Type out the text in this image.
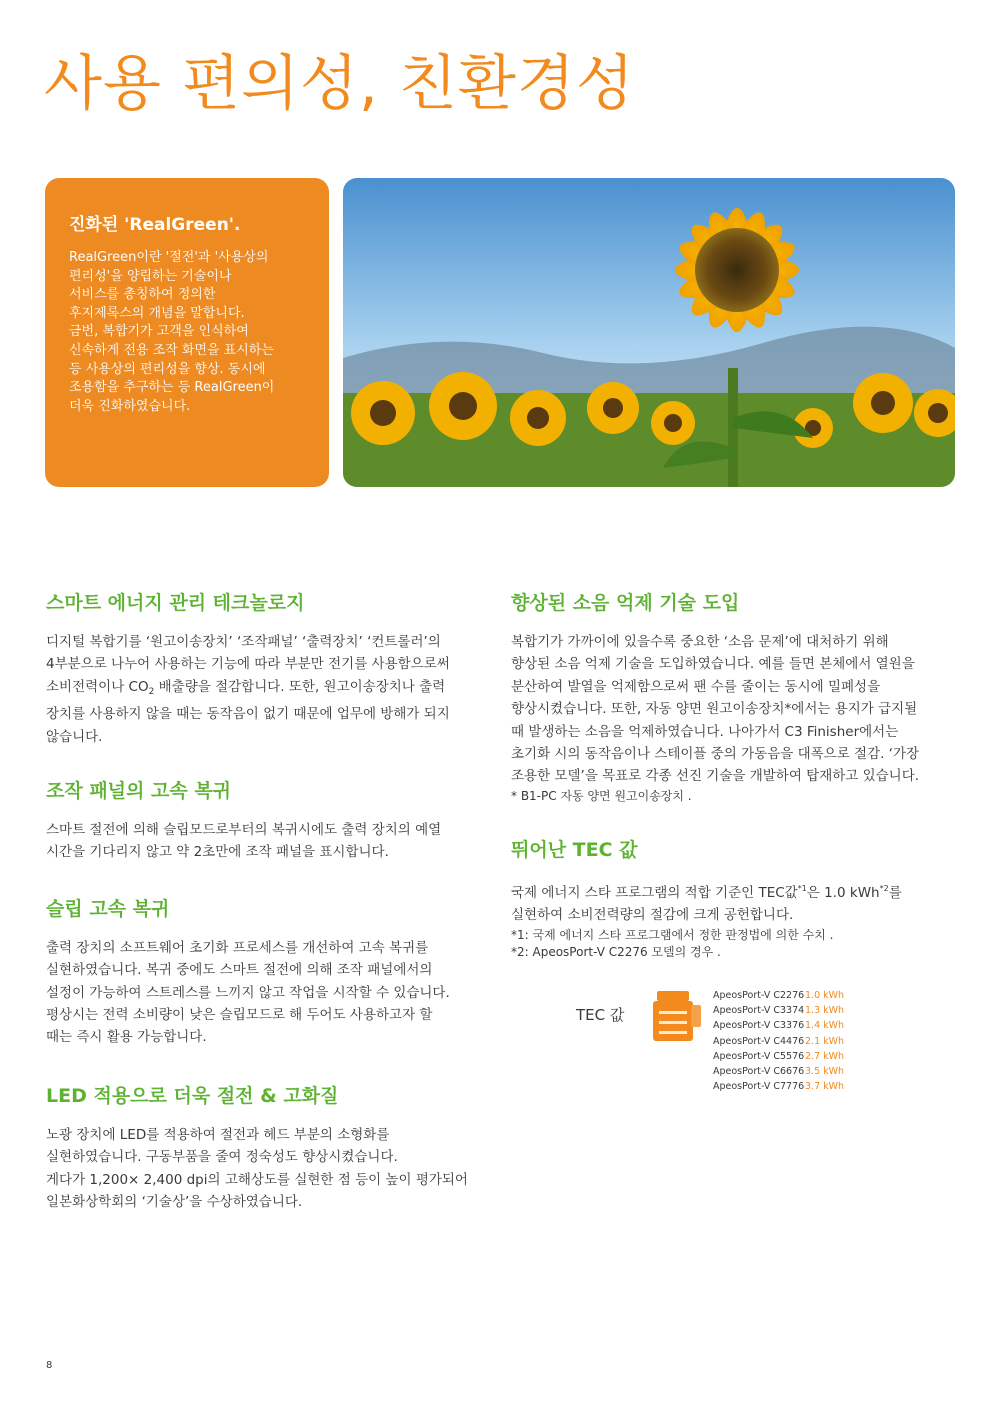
사용 편의성, 친환경성
진화된 'RealGreen'.
RealGreen이란 '절전'과 '사용상의
편리성'을 양립하는 기술이나
서비스를 총칭하여 정의한
후지제록스의 개념을 말합니다.
금번, 복합기가 고객을 인식하여
신속하게 전용 조작 화면을 표시하는
등 사용상의 편리성을 향상. 동시에
조용함을 추구하는 등 RealGreen이
더욱 진화하였습니다.
스마트 에너지 관리 테크놀로지
디지털 복합기를 ‘원고이송장치’ ‘조작패널’ ‘출력장치’ ‘컨트롤러’의
4부분으로 나누어 사용하는 기능에 따라 부분만 전기를 사용함으로써
소비전력이나 $CO_2$ 배출량을 절감합니다. 또한, 원고이송장치나 출력
장치를 사용하지 않을 때는 동작음이 없기 때문에 업무에 방해가 되지
않습니다.
조작 패널의 고속 복귀
스마트 절전에 의해 슬립모드로부터의 복귀시에도 출력 장치의 예열
시간을 기다리지 않고 약 2초만에 조작 패널을 표시합니다.
슬립 고속 복귀
출력 장치의 소프트웨어 초기화 프로세스를 개선하여 고속 복귀를
실현하였습니다. 복귀 중에도 스마트 절전에 의해 조작 패널에서의
설정이 가능하여 스트레스를 느끼지 않고 작업을 시작할 수 있습니다.
평상시는 전력 소비량이 낮은 슬립모드로 해 두어도 사용하고자 할
때는 즉시 활용 가능합니다.
LED 적용으로 더욱 절전 & 고화질
노광 장치에 LED를 적용하여 절전과 헤드 부분의 소형화를
실현하였습니다. 구동부품을 줄여 정숙성도 향상시켰습니다.
게다가 1,200× 2,400 dpi의 고해상도를 실현한 점 등이 높이 평가되어
일본화상학회의 ‘기술상’을 수상하였습니다.
향상된 소음 억제 기술 도입
복합기가 가까이에 있을수록 중요한 ‘소음 문제’에 대처하기 위해
향상된 소음 억제 기술을 도입하였습니다. 예를 들면 본체에서 열원을
분산하여 발열을 억제함으로써 팬 수를 줄이는 동시에 밀폐성을
향상시켰습니다. 또한, 자동 양면 원고이송장치*에서는 용지가 급지될
때 발생하는 소음을 억제하였습니다. 나아가서 C3 Finisher에서는
초기화 시의 동작음이나 스테이플 중의 가동음을 대폭으로 절감. ‘가장
조용한 모델’을 목표로 각종 선진 기술을 개발하여 탑재하고 있습니다.
* B1-PC 자동 양면 원고이송장치 .
뛰어난 TEC 값
국제 에너지 스타 프로그램의 적합 기준인 TEC값$^{*1}$은 1.0 kWh$^{*2}$를
실현하여 소비전력량의 절감에 크게 공헌합니다.
*1: 국제 에너지 스타 프로그램에서 정한 판정법에 의한 수치 .
*2: ApeosPort-V C2276 모델의 경우 .
TEC 값
ApeosPort-V C22761.0 kWh
ApeosPort-V C33741.3 kWh
ApeosPort-V C33761.4 kWh
ApeosPort-V C44762.1 kWh
ApeosPort-V C55762.7 kWh
ApeosPort-V C66763.5 kWh
ApeosPort-V C77763.7 kWh
8
